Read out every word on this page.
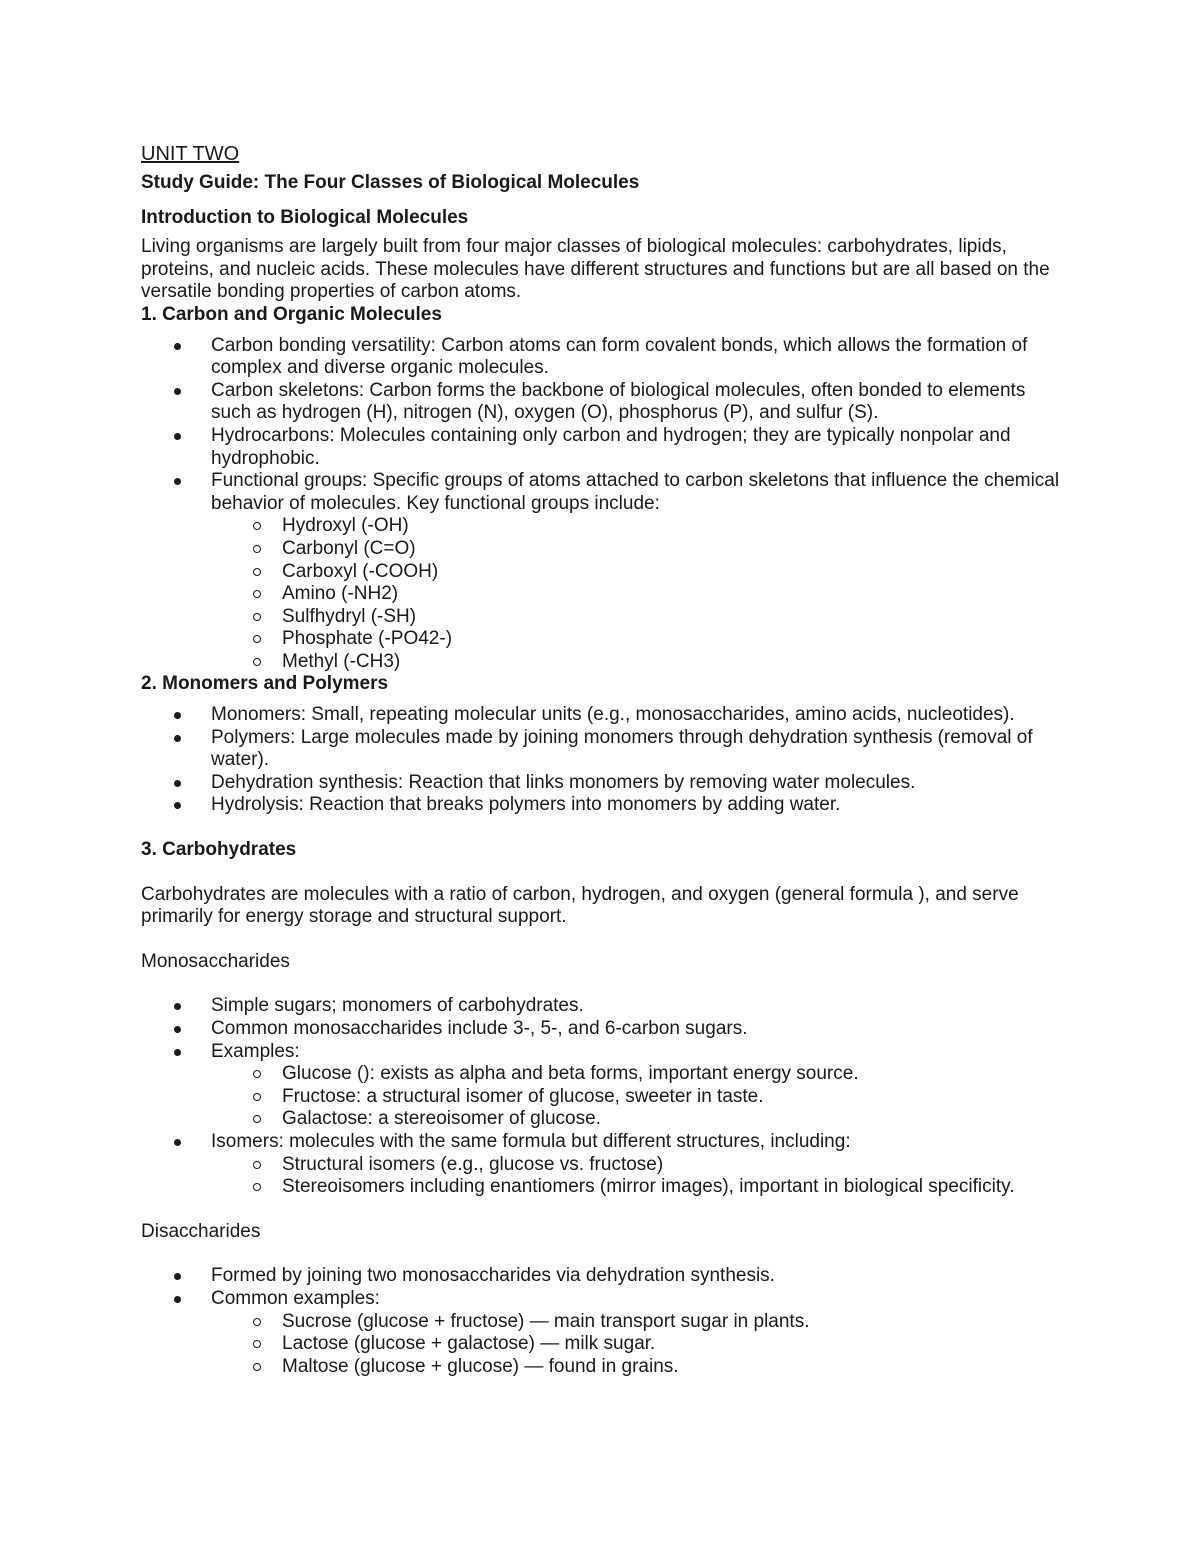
UNIT TWO
Study Guide: The Four Classes of Biological Molecules
Introduction to Biological Molecules
Living organisms are largely built from four major classes of biological molecules: carbohydrates, lipids, proteins, and nucleic acids. These molecules have different structures and functions but are all based on the versatile bonding properties of carbon atoms.
1. Carbon and Organic Molecules
Carbon bonding versatility: Carbon atoms can form covalent bonds, which allows the formation of complex and diverse organic molecules.
Carbon skeletons: Carbon forms the backbone of biological molecules, often bonded to elements such as hydrogen (H), nitrogen (N), oxygen (O), phosphorus (P), and sulfur (S).
Hydrocarbons: Molecules containing only carbon and hydrogen; they are typically nonpolar and hydrophobic.
Functional groups: Specific groups of atoms attached to carbon skeletons that influence the chemical behavior of molecules. Key functional groups include:
Hydroxyl (-OH)
Carbonyl (C=O)
Carboxyl (-COOH)
Amino (-NH2)
Sulfhydryl (-SH)
Phosphate (-PO42-)
Methyl (-CH3)
2. Monomers and Polymers
Monomers: Small, repeating molecular units (e.g., monosaccharides, amino acids, nucleotides).
Polymers: Large molecules made by joining monomers through dehydration synthesis (removal of water).
Dehydration synthesis: Reaction that links monomers by removing water molecules.
Hydrolysis: Reaction that breaks polymers into monomers by adding water.
3. Carbohydrates
Carbohydrates are molecules with a ratio of carbon, hydrogen, and oxygen (general formula ), and serve primarily for energy storage and structural support.
Monosaccharides
Simple sugars; monomers of carbohydrates.
Common monosaccharides include 3-, 5-, and 6-carbon sugars.
Examples:
Glucose (): exists as alpha and beta forms, important energy source.
Fructose: a structural isomer of glucose, sweeter in taste.
Galactose: a stereoisomer of glucose.
Isomers: molecules with the same formula but different structures, including:
Structural isomers (e.g., glucose vs. fructose)
Stereoisomers including enantiomers (mirror images), important in biological specificity.
Disaccharides
Formed by joining two monosaccharides via dehydration synthesis.
Common examples:
Sucrose (glucose + fructose) — main transport sugar in plants.
Lactose (glucose + galactose) — milk sugar.
Maltose (glucose + glucose) — found in grains.
